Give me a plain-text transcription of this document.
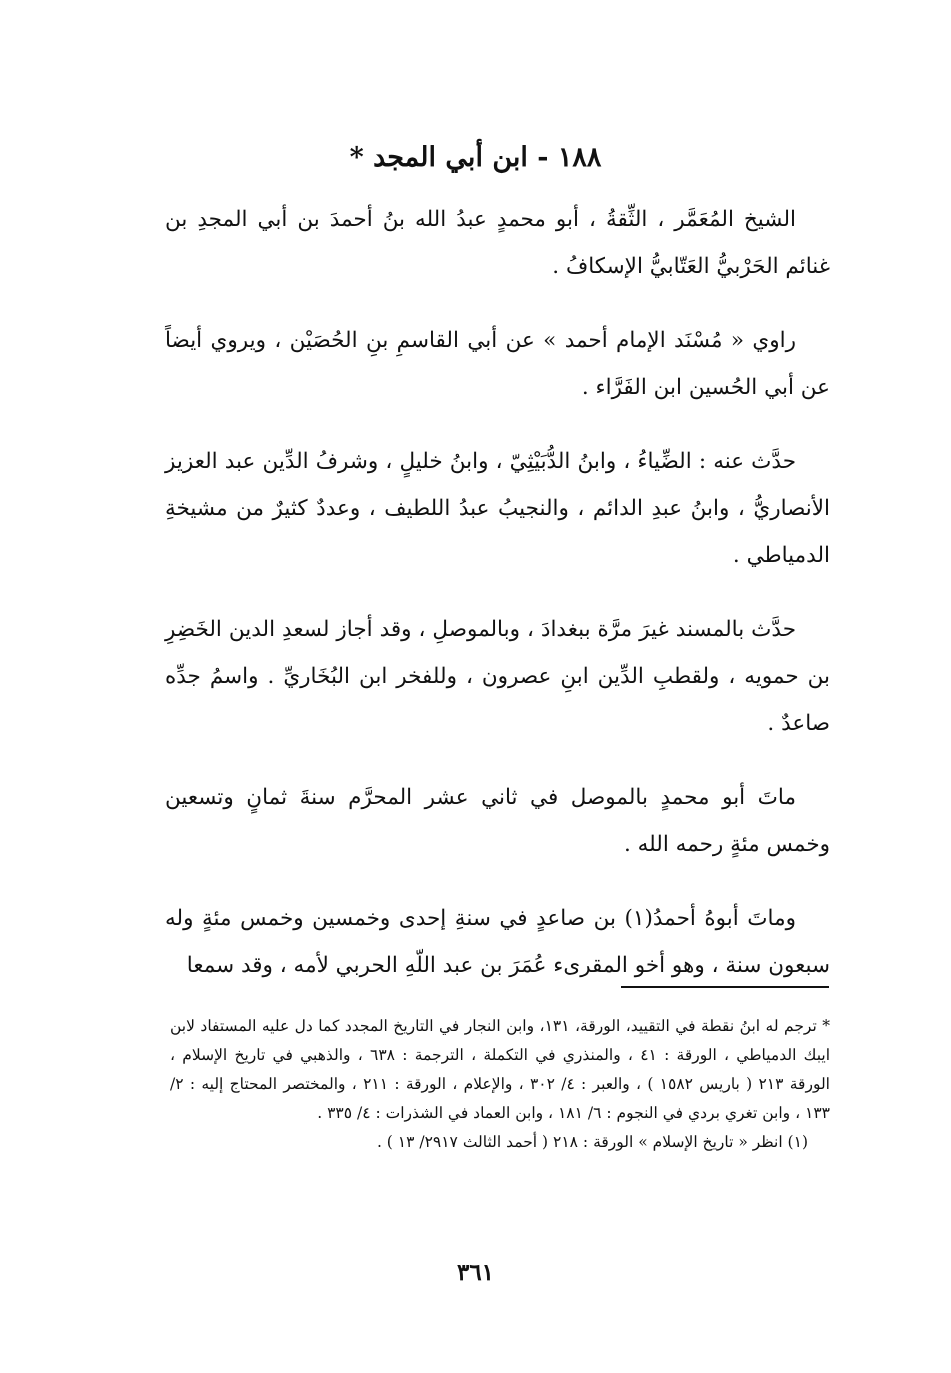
١٨٨ - ابن أبي المجد *

الشيخ المُعَمَّر ، الثِّقةُ ، أبو محمدٍ عبدُ الله بنُ أحمدَ بن أبي المجدِ بن غنائم الحَرْبيُّ العَتّابيُّ الإسكافُ .

راوي « مُسْنَد الإمام أحمد » عن أبي القاسمِ بنِ الحُصَيْن ، ويروي أيضاً عن أبي الحُسين ابن الفَرَّاء .

حدَّث عنه : الضِّياءُ ، وابنُ الدُّبَيْثِيّ ، وابنُ خليلٍ ، وشرفُ الدِّين عبد العزيز الأنصاريُّ ، وابنُ عبدِ الدائم ، والنجيبُ عبدُ اللطيف ، وعددٌ كثيرٌ من مشيخةِ الدمياطي .

حدَّث بالمسند غيرَ مرَّة ببغدادَ ، وبالموصلِ ، وقد أجاز لسعدِ الدين الخَضِرِ بن حمويه ، ولقطبِ الدِّين ابنِ عصرون ، وللفخر ابن البُخَاريِّ . واسمُ جدِّه صاعدٌ .

ماتَ أبو محمدٍ بالموصل في ثاني عشر المحرَّم سنةَ ثمانٍ وتسعين وخمس مئةٍ رحمه الله .

وماتَ أبوهُ أحمدُ(١) بن صاعدٍ في سنةِ إحدى وخمسين وخمس مئةٍ وله سبعون سنة ، وهو أخو المقرىء عُمَرَ بن عبد اللّهِ الحربي لأمه ، وقد سمعا

* ترجم له ابنُ نقطة في التقييد، الورقة، ١٣١، وابن النجار في التاريخ المجدد كما دل عليه المستفاد لابن ايبك الدمياطي ، الورقة : ٤١ ، والمنذري في التكملة ، الترجمة : ٦٣٨ ، والذهبي في تاريخ الإسلام ، الورقة ٢١٣ ( باريس ١٥٨٢ ) ، والعبر : ٤/ ٣٠٢ ، والإعلام ، الورقة : ٢١١ ، والمختصر المحتاج إليه : ٢/ ١٣٣ ، وابن تغري بردي في النجوم : ٦/ ١٨١ ، وابن العماد في الشذرات : ٤/ ٣٣٥ .

(١) انظر « تاريخ الإسلام » الورقة : ٢١٨ ( أحمد الثالث ٢٩١٧/ ١٣ ) .

٣٦١
